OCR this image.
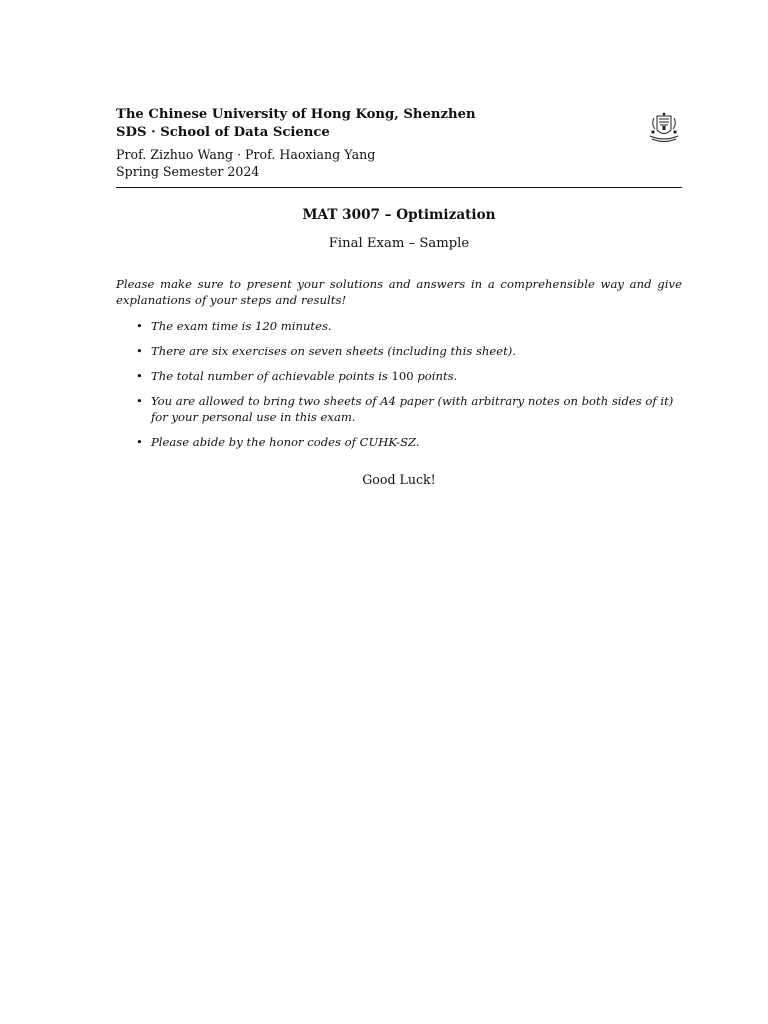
The Chinese University of Hong Kong, Shenzhen
SDS · School of Data Science
Prof. Zizhuo Wang · Prof. Haoxiang Yang
Spring Semester 2024
MAT 3007 – Optimization
Final Exam – Sample
Please make sure to present your solutions and answers in a comprehensible way and give explanations of your steps and results!
• The exam time is 120 minutes.
• There are six exercises on seven sheets (including this sheet).
• The total number of achievable points is 100 points.
• You are allowed to bring two sheets of A4 paper (with arbitrary notes on both sides of it) for your personal use in this exam.
• Please abide by the honor codes of CUHK-SZ.
Good Luck!
